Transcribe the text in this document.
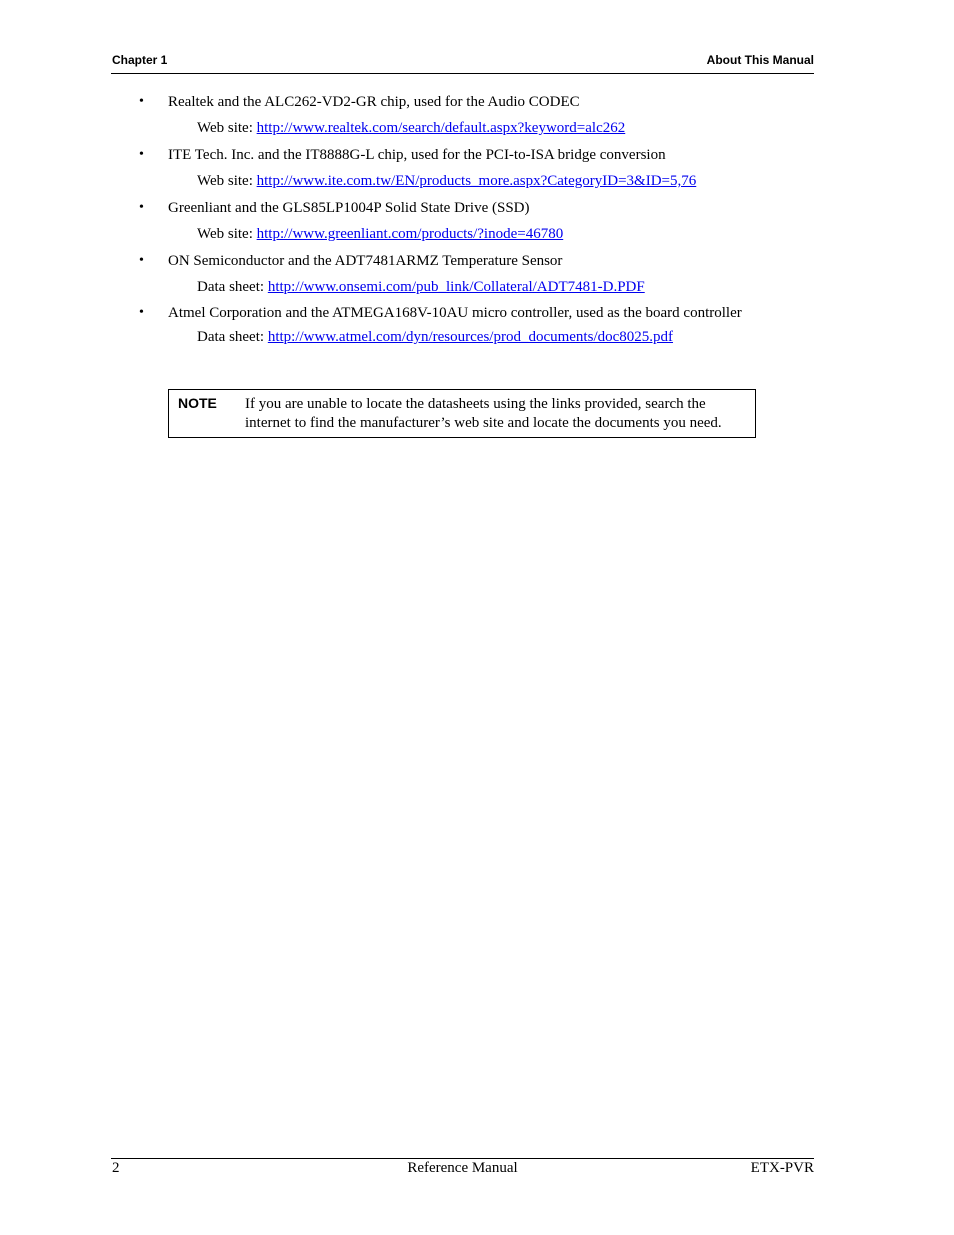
Chapter 1	About This Manual
• Realtek and the ALC262-VD2-GR chip, used for the Audio CODEC
Web site: http://www.realtek.com/search/default.aspx?keyword=alc262
• ITE Tech. Inc. and the IT8888G-L chip, used for the PCI-to-ISA bridge conversion
Web site: http://www.ite.com.tw/EN/products_more.aspx?CategoryID=3&ID=5,76
• Greenliant and the GLS85LP1004P Solid State Drive (SSD)
Web site: http://www.greenliant.com/products/?inode=46780
• ON Semiconductor and the ADT7481ARMZ Temperature Sensor
Data sheet: http://www.onsemi.com/pub_link/Collateral/ADT7481-D.PDF
• Atmel Corporation and the ATMEGA168V-10AU micro controller, used as the board controller
Data sheet: http://www.atmel.com/dyn/resources/prod_documents/doc8025.pdf
NOTE If you are unable to locate the datasheets using the links provided, search the internet to find the manufacturer’s web site and locate the documents you need.
2	Reference Manual	ETX-PVR
